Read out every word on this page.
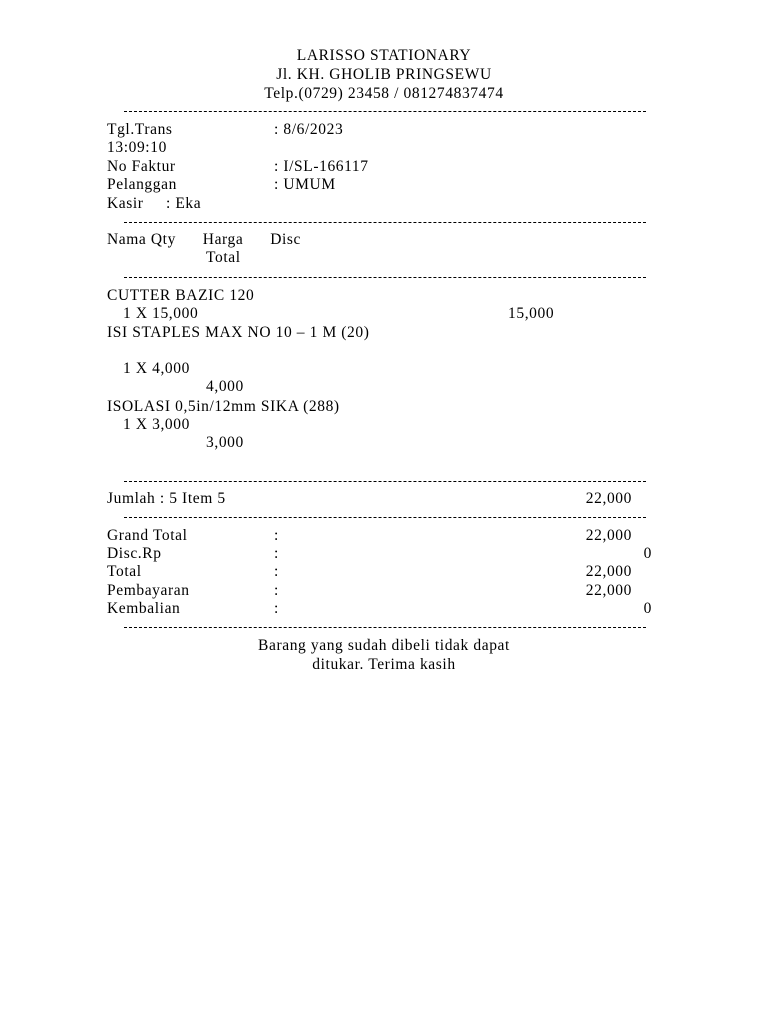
LARISSO STATIONARY
Jl. KH. GHOLIB PRINGSEWU
Telp.(0729) 23458 / 081274837474
Tgl.Trans	: 8/6/2023
13:09:10
No Faktur	: I/SL-166117
Pelanggan	: UMUM
Kasir     : Eka
Nama Qty      Harga      Disc
Total
CUTTER BAZIC 120
1 X 15,000	15,000
ISI STAPLES MAX NO 10 – 1 M (20)
1 X 4,000
4,000
ISOLASI 0,5in/12mm SIKA (288)
1 X 3,000
3,000
Jumlah : 5 Item 5	22,000
Grand Total	:	22,000
Disc.Rp	:	0
Total	:	22,000
Pembayaran	:	22,000
Kembalian	:	0
Barang yang sudah dibeli tidak dapat
ditukar. Terima kasih
